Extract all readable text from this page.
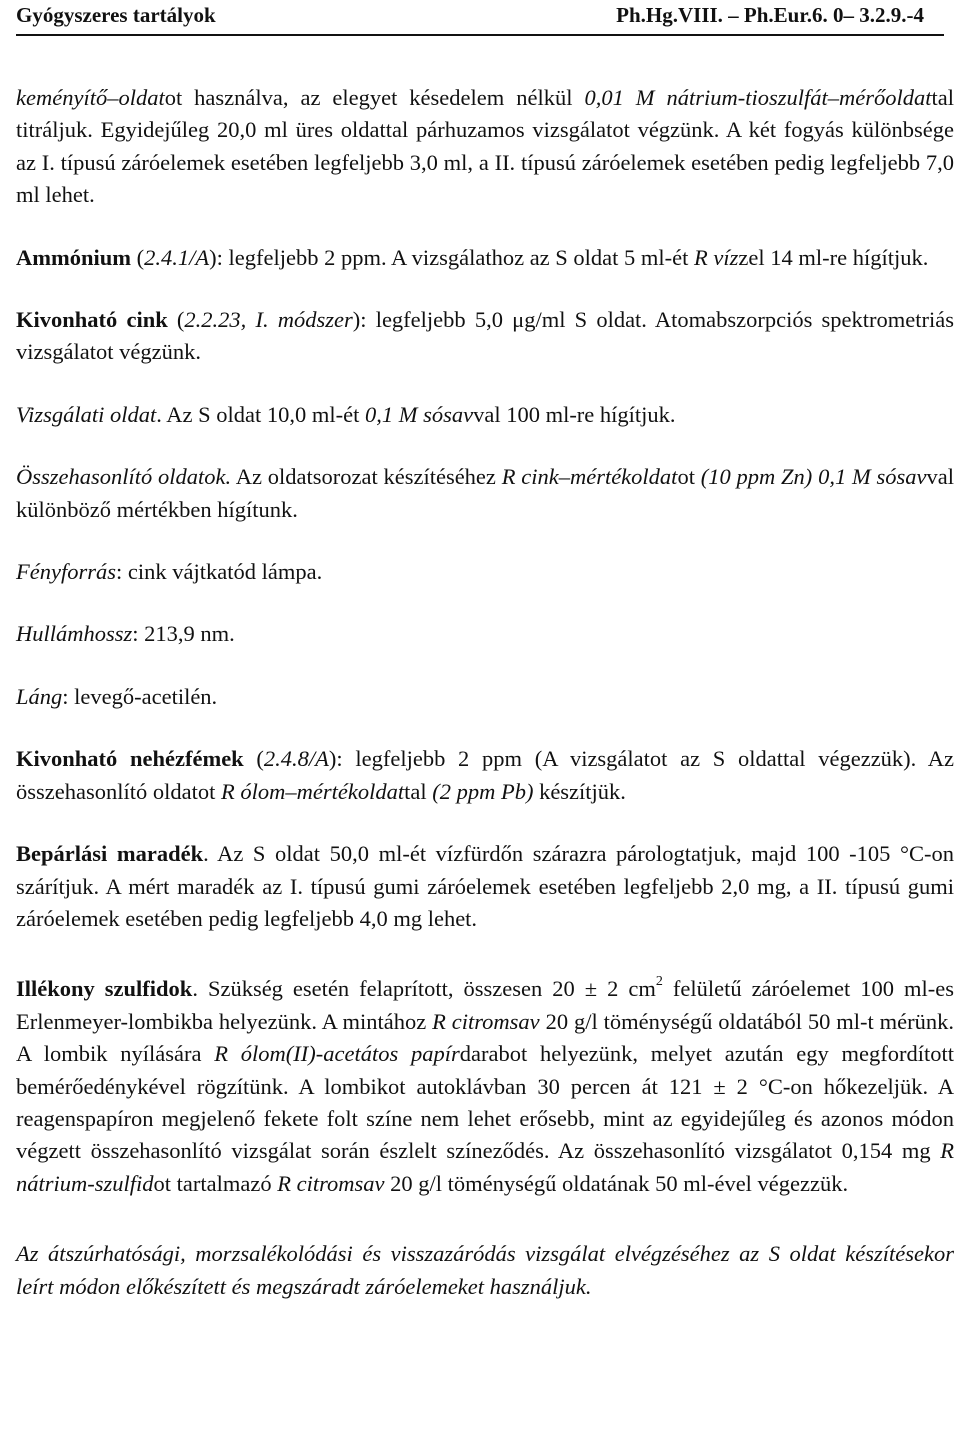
Gyógyszeres tartályok	Ph.Hg.VIII. – Ph.Eur.6. 0– 3.2.9.-4

keményítő–oldatot használva, az elegyet késedelem nélkül 0,01 M nátrium-tioszulfát–mérőoldattal titráljuk. Egyidejűleg 20,0 ml üres oldattal párhuzamos vizsgálatot végzünk. A két fogyás különbsége az I. típusú záróelemek esetében legfeljebb 3,0 ml, a II. típusú záróelemek esetében pedig legfeljebb 7,0 ml lehet.

Ammónium (2.4.1/A): legfeljebb 2 ppm. A vizsgálathoz az S oldat 5 ml-ét R vízzel 14 ml-re hígítjuk.

Kivonható cink (2.2.23, I. módszer): legfeljebb 5,0 μg/ml S oldat. Atomabszorpciós spektrometriás vizsgálatot végzünk.

Vizsgálati oldat. Az S oldat 10,0 ml-ét 0,1 M sósavval 100 ml-re hígítjuk.

Összehasonlító oldatok. Az oldatsorozat készítéséhez R cink–mértékoldatot (10 ppm Zn) 0,1 M sósavval különböző mértékben hígítunk.

Fényforrás: cink vájtkatód lámpa.

Hullámhossz: 213,9 nm.

Láng: levegő-acetilén.

Kivonható nehézfémek (2.4.8/A): legfeljebb 2 ppm (A vizsgálatot az S oldattal végezzük). Az összehasonlító oldatot R ólom–mértékoldattal (2 ppm Pb) készítjük.

Bepárlási maradék. Az S oldat 50,0 ml-ét vízfürdőn szárazra párologtatjuk, majd 100 -105 °C-on szárítjuk. A mért maradék az I. típusú gumi záróelemek esetében legfeljebb 2,0 mg, a II. típusú gumi záróelemek esetében pedig legfeljebb 4,0 mg lehet.

Illékony szulfidok. Szükség esetén felaprított, összesen 20 ± 2 $cm^2$ felületű záróelemet 100 ml-es Erlenmeyer-lombikba helyezünk. A mintához R citromsav 20 g/l töménységű oldatából 50 ml-t mérünk. A lombik nyílására R ólom(II)-acetátos papírdarabot helyezünk, melyet azután egy megfordított bemérőedénykével rögzítünk. A lombikot autoklávban 30 percen át 121 ± 2 °C-on hőkezeljük. A reagenspapíron megjelenő fekete folt színe nem lehet erősebb, mint az egyidejűleg és azonos módon végzett összehasonlító vizsgálat során észlelt színeződés. Az összehasonlító vizsgálatot 0,154 mg R nátrium-szulfidot tartalmazó R citromsav 20 g/l töménységű oldatának 50 ml-ével végezzük.

Az átszúrhatósági, morzsalékolódási és visszazáródás vizsgálat elvégzéséhez az S oldat készítésekor leírt módon előkészített és megszáradt záróelemeket használjuk.
